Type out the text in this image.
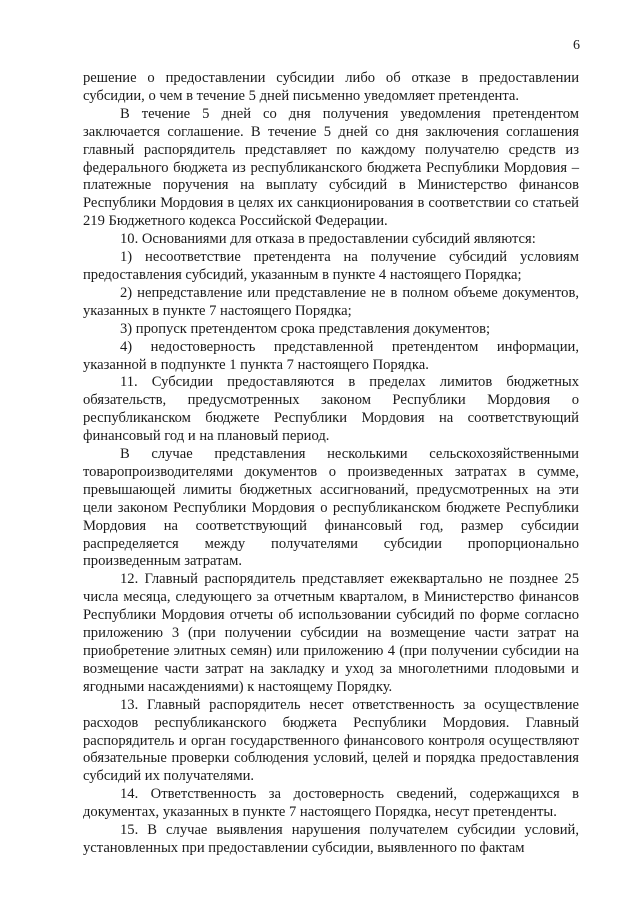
6

решение о предоставлении субсидии либо об отказе в предоставлении субсидии, о чем в течение 5 дней письменно уведомляет претендента.

В течение 5 дней со дня получения уведомления претендентом заключается соглашение. В течение 5 дней со дня заключения соглашения главный распорядитель представляет по каждому получателю средств из федерального бюджета из республиканского бюджета Республики Мордовия – платежные поручения на выплату субсидий в Министерство финансов Республики Мордовия в целях их санкционирования в соответствии со статьей 219 Бюджетного кодекса Российской Федерации.

10. Основаниями для отказа в предоставлении субсидий являются:

1) несоответствие претендента на получение субсидий условиям предоставления субсидий, указанным в пункте 4 настоящего Порядка;

2) непредставление или представление не в полном объеме документов, указанных в пункте 7 настоящего Порядка;

3) пропуск претендентом срока представления документов;

4) недостоверность представленной претендентом информации, указанной в подпункте 1 пункта 7 настоящего Порядка.

11. Субсидии предоставляются в пределах лимитов бюджетных обязательств, предусмотренных законом Республики Мордовия о республиканском бюджете Республики Мордовия на соответствующий финансовый год и на плановый период.

В случае представления несколькими сельскохозяйственными товаропроизводителями документов о произведенных затратах в сумме, превышающей лимиты бюджетных ассигнований, предусмотренных на эти цели законом Республики Мордовия о республиканском бюджете Республики Мордовия на соответствующий финансовый год, размер субсидии распределяется между получателями субсидии пропорционально произведенным затратам.

12. Главный распорядитель представляет ежеквартально не позднее 25 числа месяца, следующего за отчетным кварталом, в Министерство финансов Республики Мордовия отчеты об использовании субсидий по форме согласно приложению 3 (при получении субсидии на возмещение части затрат на приобретение элитных семян) или приложению 4 (при получении субсидии на возмещение части затрат на закладку и уход за многолетними плодовыми и ягодными насаждениями) к настоящему Порядку.

13. Главный распорядитель несет ответственность за осуществление расходов республиканского бюджета Республики Мордовия. Главный распорядитель и орган государственного финансового контроля осуществляют обязательные проверки соблюдения условий, целей и порядка предоставления субсидий их получателями.

14. Ответственность за достоверность сведений, содержащихся в документах, указанных в пункте 7 настоящего Порядка, несут претенденты.

15. В случае выявления нарушения получателем субсидии условий, установленных при предоставлении субсидии, выявленного по фактам
